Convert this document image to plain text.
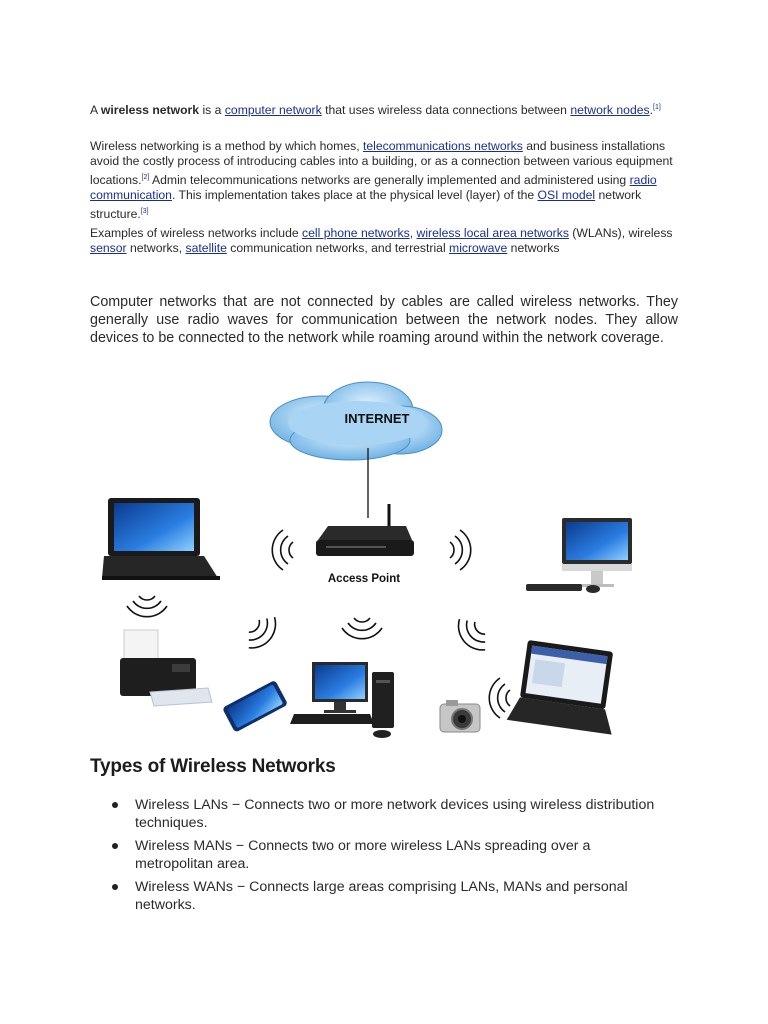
A wireless network is a computer network that uses wireless data connections between network nodes.[1]

Wireless networking is a method by which homes, telecommunications networks and business installations avoid the costly process of introducing cables into a building, or as a connection between various equipment locations.[2] Admin telecommunications networks are generally implemented and administered using radio communication. This implementation takes place at the physical level (layer) of the OSI model network structure.[3]

Examples of wireless networks include cell phone networks, wireless local area networks (WLANs), wireless sensor networks, satellite communication networks, and terrestrial microwave networks

Computer networks that are not connected by cables are called wireless networks. They generally use radio waves for communication between the network nodes. They allow devices to be connected to the network while roaming around within the network coverage.

INTERNET
Access Point
Types of Wireless Networks
Wireless LANs − Connects two or more network devices using wireless distribution techniques.
Wireless MANs − Connects two or more wireless LANs spreading over a metropolitan area.
Wireless WANs − Connects large areas comprising LANs, MANs and personal networks.
